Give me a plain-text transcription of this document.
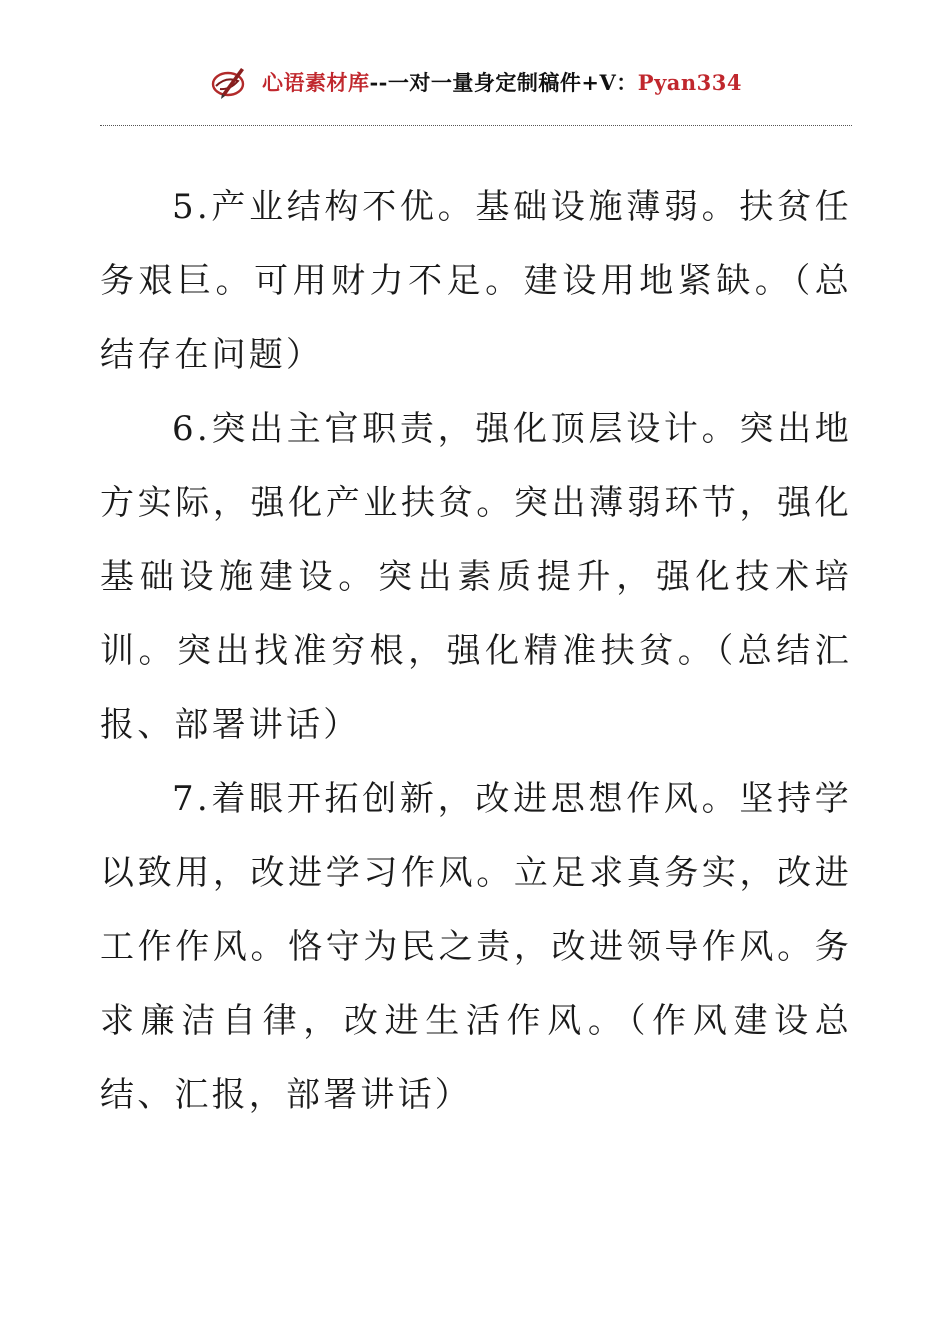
心语素材库--一对一量身定制稿件+V：Pyan334

5.产业结构不优。基础设施薄弱。扶贫任务艰巨。可用财力不足。建设用地紧缺。（总结存在问题）

6.突出主官职责，强化顶层设计。突出地方实际，强化产业扶贫。突出薄弱环节，强化基础设施建设。突出素质提升，强化技术培训。突出找准穷根，强化精准扶贫。（总结汇报、部署讲话）

7.着眼开拓创新，改进思想作风。坚持学以致用，改进学习作风。立足求真务实，改进工作作风。恪守为民之责，改进领导作风。务求廉洁自律，改进生活作风。（作风建设总结、汇报，部署讲话）
